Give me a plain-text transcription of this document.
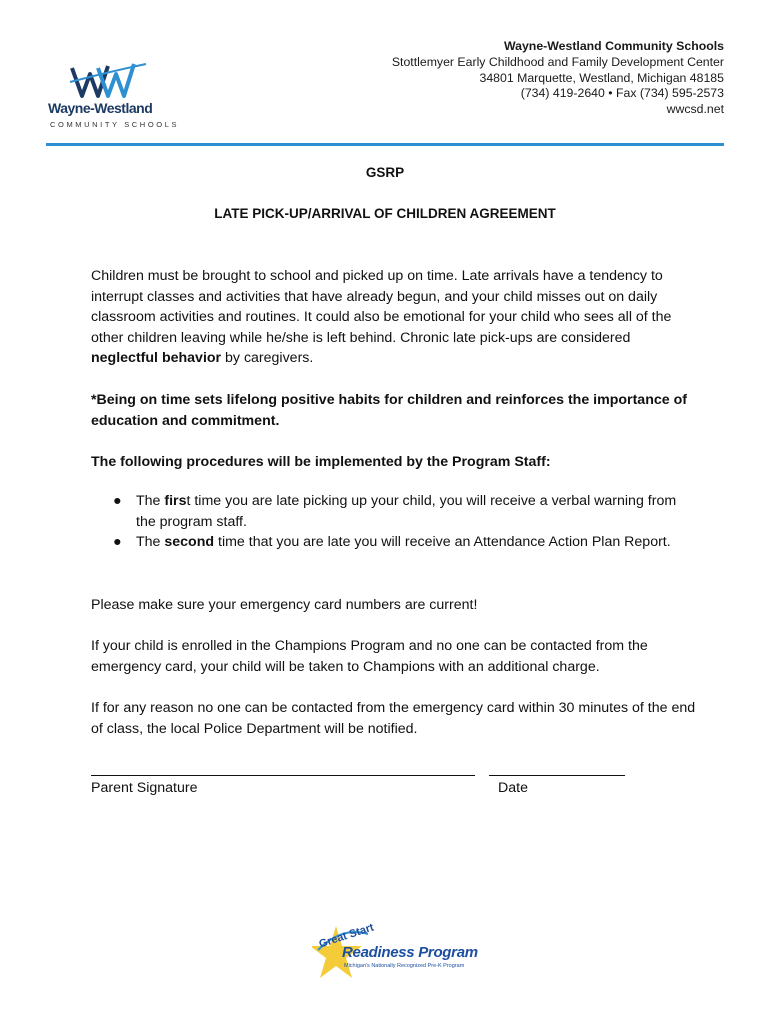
Wayne-Westland
COMMUNITY SCHOOLS
Wayne-Westland Community Schools
Stottlemyer Early Childhood and Family Development Center
34801 Marquette, Westland, Michigan 48185
(734) 419-2640 • Fax (734) 595-2573
wwcsd.net
GSRP
LATE PICK-UP/ARRIVAL OF CHILDREN AGREEMENT
Children must be brought to school and picked up on time. Late arrivals have a tendency to interrupt classes and activities that have already begun, and your child misses out on daily classroom activities and routines. It could also be emotional for your child who sees all of the other children leaving while he/she is left behind. Chronic late pick-ups are considered neglectful behavior by caregivers.
*Being on time sets lifelong positive habits for children and reinforces the importance of education and commitment.
The following procedures will be implemented by the Program Staff:
● The first time you are late picking up your child, you will receive a verbal warning from the program staff.
● The second time that you are late you will receive an Attendance Action Plan Report.
Please make sure your emergency card numbers are current!
If your child is enrolled in the Champions Program and no one can be contacted from the emergency card, your child will be taken to Champions with an additional charge.
If for any reason no one can be contacted from the emergency card within 30 minutes of the end of class, the local Police Department will be notified.
Parent Signature	Date
Great Start
Readiness Program
Michigan's Nationally Recognized Pre-K Program
